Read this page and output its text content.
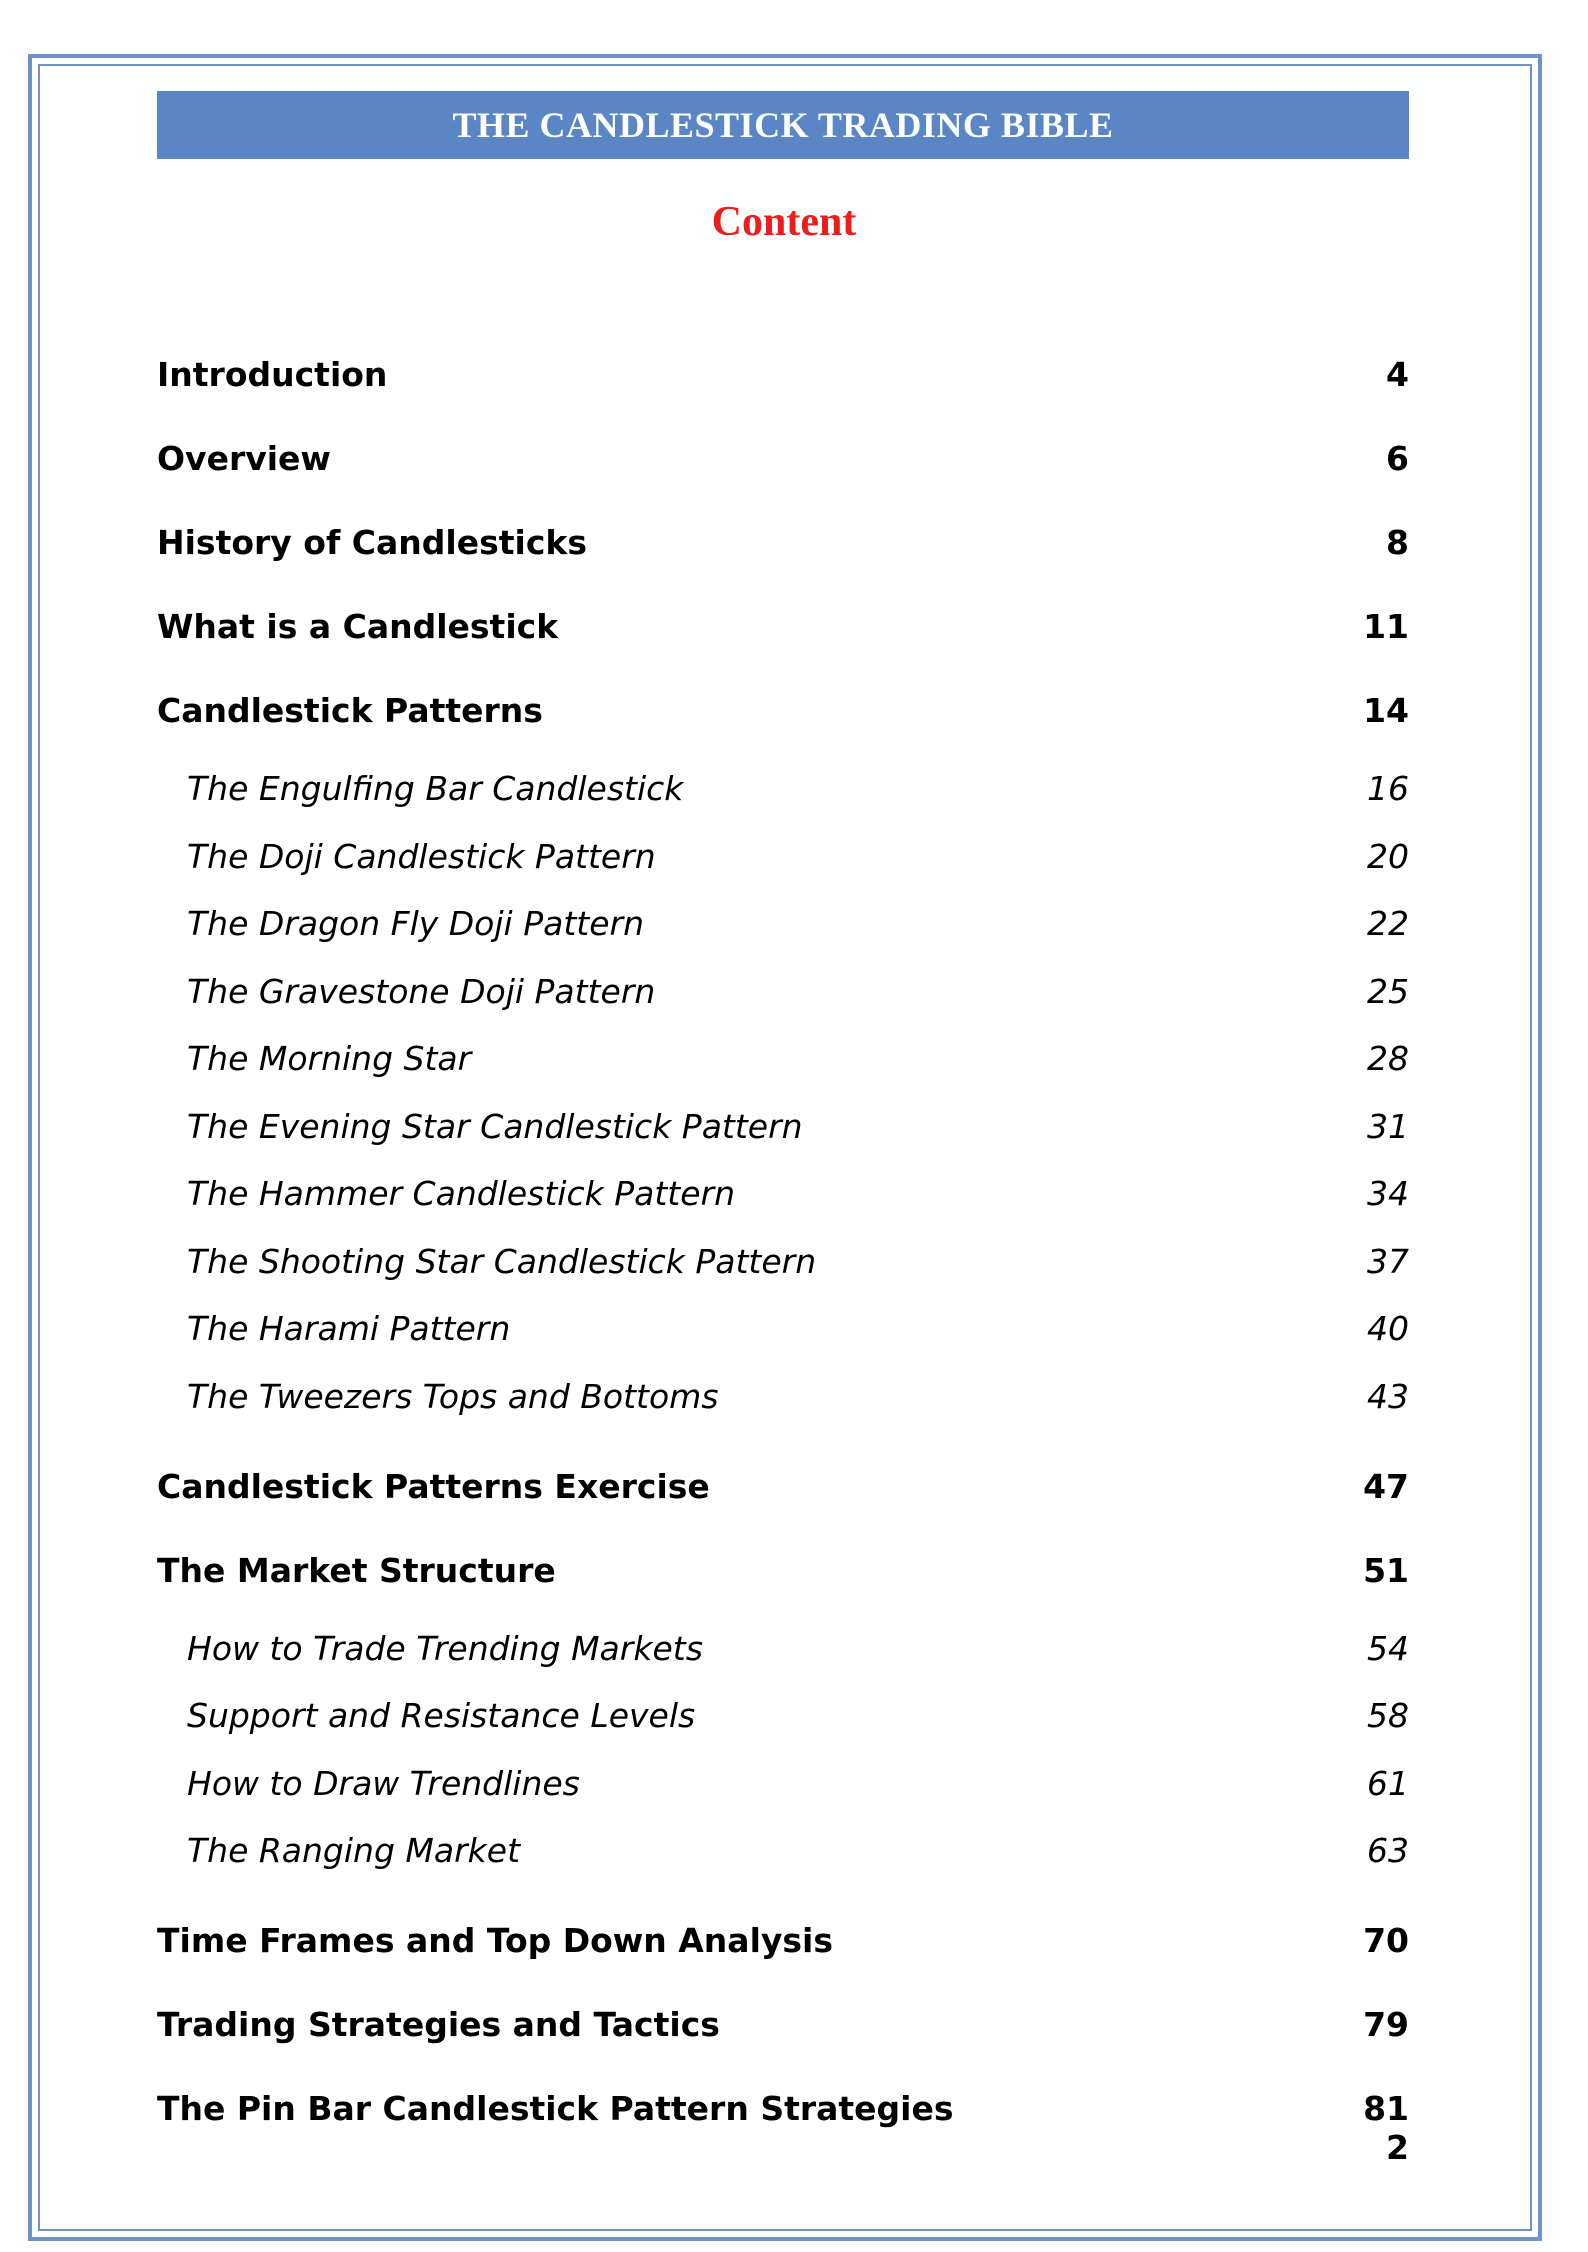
THE CANDLESTICK TRADING BIBLE
Content
Introduction	4
Overview	6
History of Candlesticks	8
What is a Candlestick	11
Candlestick Patterns	14
The Engulfing Bar Candlestick	16
The Doji Candlestick Pattern	20
The Dragon Fly Doji Pattern	22
The Gravestone Doji Pattern	25
The Morning Star	28
The Evening Star Candlestick Pattern	31
The Hammer Candlestick Pattern	34
The Shooting Star Candlestick Pattern	37
The Harami Pattern	40
The Tweezers Tops and Bottoms	43
Candlestick Patterns Exercise	47
The Market Structure	51
How to Trade Trending Markets	54
Support and Resistance Levels	58
How to Draw Trendlines	61
The Ranging Market	63
Time Frames and Top Down Analysis	70
Trading Strategies and Tactics	79
The Pin Bar Candlestick Pattern Strategies	81
2
